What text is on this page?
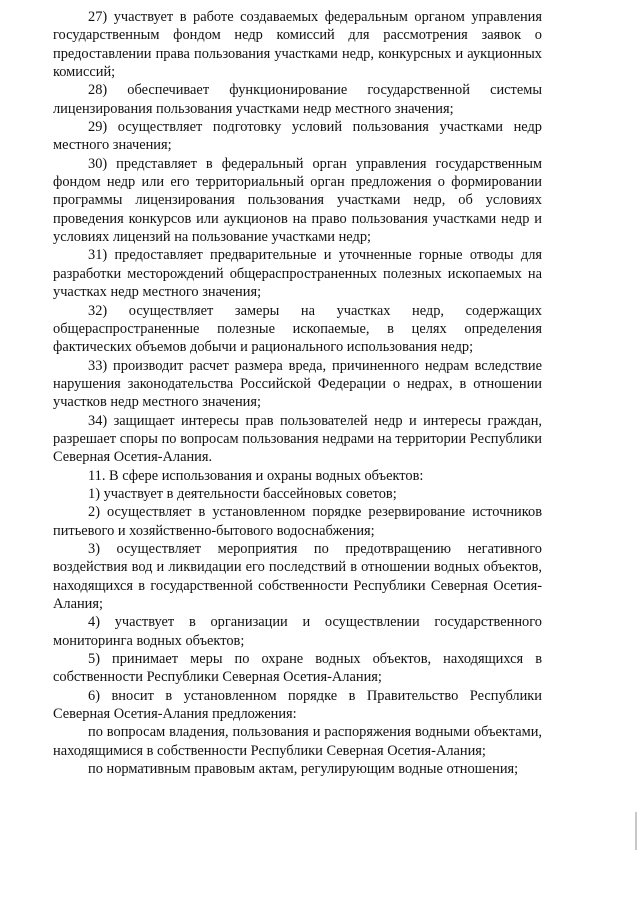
27) участвует в работе создаваемых федеральным органом управления государственным фондом недр комиссий для рассмотрения заявок о предоставлении права пользования участками недр, конкурсных и аукционных комиссий;

28) обеспечивает функционирование государственной системы лицензирования пользования участками недр местного значения;

29) осуществляет подготовку условий пользования участками недр местного значения;

30) представляет в федеральный орган управления государственным фондом недр или его территориальный орган предложения о формировании программы лицензирования пользования участками недр, об условиях проведения конкурсов или аукционов на право пользования участками недр и условиях лицензий на пользование участками недр;

31) предоставляет предварительные и уточненные горные отводы для разработки месторождений общераспространенных полезных ископаемых на участках недр местного значения;

32) осуществляет замеры на участках недр, содержащих общераспространенные полезные ископаемые, в целях определения фактических объемов добычи и рационального использования недр;

33) производит расчет размера вреда, причиненного недрам вследствие нарушения законодательства Российской Федерации о недрах, в отношении участков недр местного значения;

34) защищает интересы прав пользователей недр и интересы граждан, разрешает споры по вопросам пользования недрами на территории Республики Северная Осетия-Алания.

11. В сфере использования и охраны водных объектов:

1) участвует в деятельности бассейновых советов;

2) осуществляет в установленном порядке резервирование источников питьевого и хозяйственно-бытового водоснабжения;

3) осуществляет мероприятия по предотвращению негативного воздействия вод и ликвидации его последствий в отношении водных объектов, находящихся в государственной собственности Республики Северная Осетия-Алания;

4) участвует в организации и осуществлении государственного мониторинга водных объектов;

5) принимает меры по охране водных объектов, находящихся в собственности Республики Северная Осетия-Алания;

6) вносит в установленном порядке в Правительство Республики Северная Осетия-Алания предложения:

по вопросам владения, пользования и распоряжения водными объектами, находящимися в собственности Республики Северная Осетия-Алания;

по нормативным правовым актам, регулирующим водные отношения;
